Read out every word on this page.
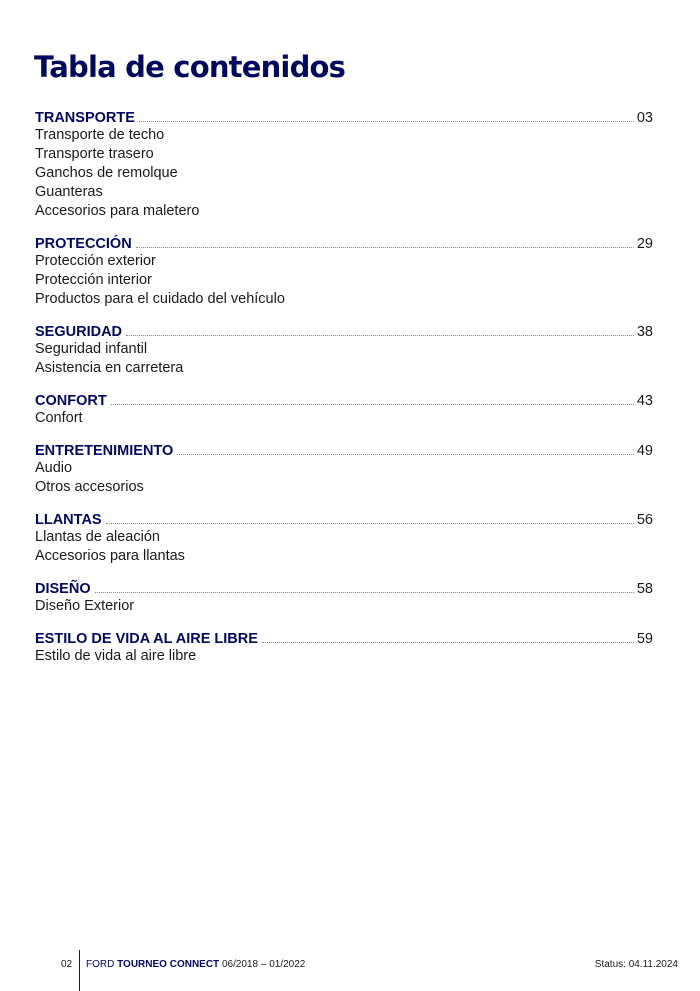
Tabla de contenidos
TRANSPORTE	03
Transporte de techo
Transporte trasero
Ganchos de remolque
Guanteras
Accesorios para maletero
PROTECCIÓN	29
Protección exterior
Protección interior
Productos para el cuidado del vehículo
SEGURIDAD	38
Seguridad infantil
Asistencia en carretera
CONFORT	43
Confort
ENTRETENIMIENTO	49
Audio
Otros accesorios
LLANTAS	56
Llantas de aleación
Accesorios para llantas
DISEÑO	58
Diseño Exterior
ESTILO DE VIDA AL AIRE LIBRE	59
Estilo de vida al aire libre
02 FORD TOURNEO CONNECT 06/2018 – 01/2022	Status: 04.11.2024
